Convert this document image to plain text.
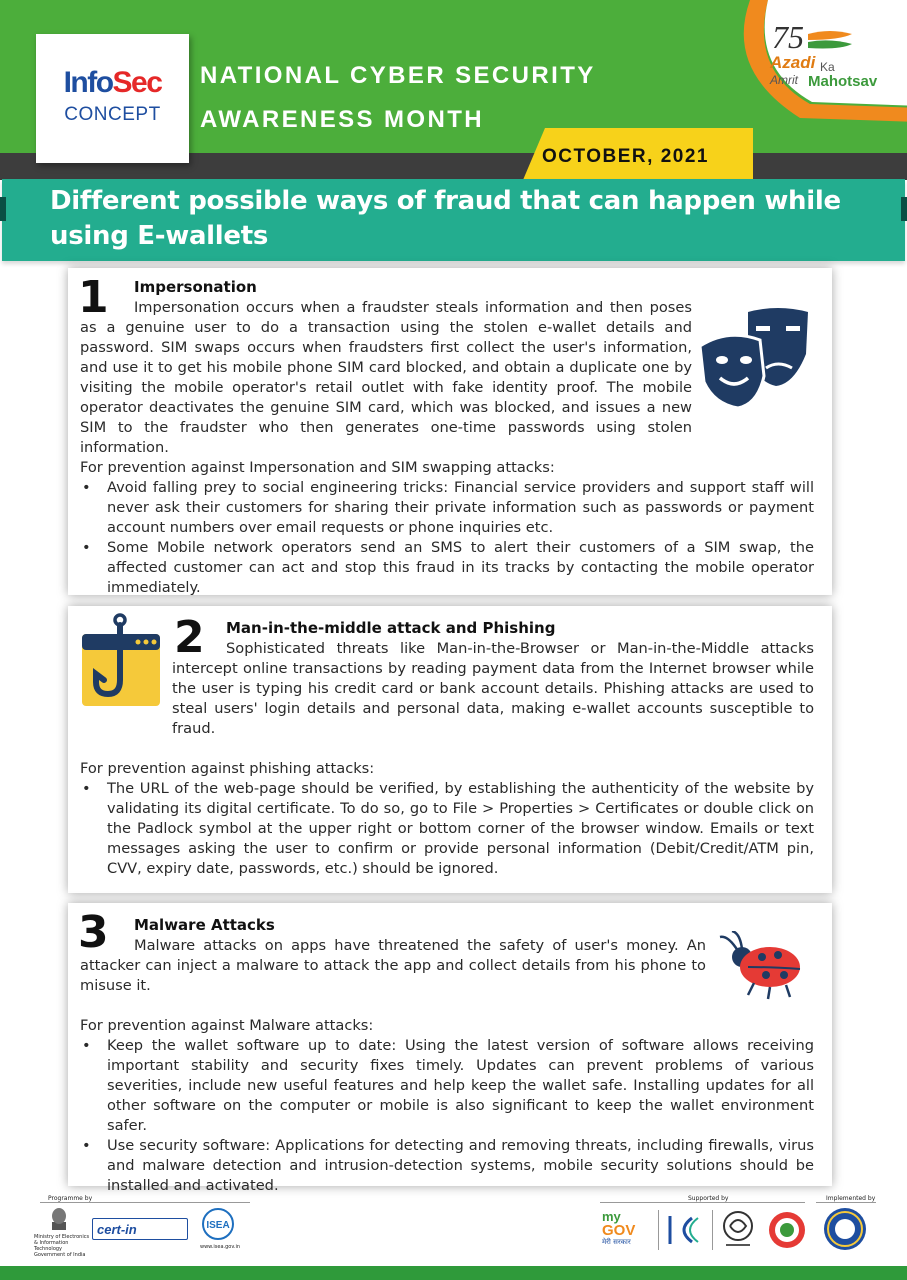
OCTOBER, 2021
NATIONAL CYBER SECURITY
AWARENESS MONTH
InfoSec
CONCEPT
75
Azadi Ka
Amrit Mahotsav
Different possible ways of fraud that can happen while using E-wallets
1 Impersonation
Impersonation occurs when a fraudster steals information and then poses as a genuine user to do a transaction using the stolen e-wallet details and password. SIM swaps occurs when fraudsters first collect the user's information, and use it to get his mobile phone SIM card blocked, and obtain a duplicate one by visiting the mobile operator's retail outlet with fake identity proof. The mobile operator deactivates the genuine SIM card, which was blocked, and issues a new SIM to the fraudster who then generates one-time passwords using stolen information.
For prevention against Impersonation and SIM swapping attacks:
• Avoid falling prey to social engineering tricks: Financial service providers and support staff will never ask their customers for sharing their private information such as passwords or payment account numbers over email requests or phone inquiries etc.
• Some Mobile network operators send an SMS to alert their customers of a SIM swap, the affected customer can act and stop this fraud in its tracks by contacting the mobile operator immediately.
2 Man-in-the-middle attack and Phishing
Sophisticated threats like Man-in-the-Browser or Man-in-the-Middle attacks intercept online transactions by reading payment data from the Internet browser while the user is typing his credit card or bank account details. Phishing attacks are used to steal users' login details and personal data, making e-wallet accounts susceptible to fraud.
For prevention against phishing attacks:
• The URL of the web-page should be verified, by establishing the authenticity of the website by validating its digital certificate. To do so, go to File > Properties > Certificates or double click on the Padlock symbol at the upper right or bottom corner of the browser window. Emails or text messages asking the user to confirm or provide personal information (Debit/Credit/ATM pin, CVV, expiry date, passwords, etc.) should be ignored.
3 Malware Attacks
Malware attacks on apps have threatened the safety of user's money. An attacker can inject a malware to attack the app and collect details from his phone to misuse it.
For prevention against Malware attacks:
• Keep the wallet software up to date: Using the latest version of software allows receiving important stability and security fixes timely. Updates can prevent problems of various severities, include new useful features and help keep the wallet safe. Installing updates for all other software on the computer or mobile is also significant to keep the wallet environment safer.
• Use security software: Applications for detecting and removing threats, including firewalls, virus and malware detection and intrusion-detection systems, mobile security solutions should be installed and activated.
Programme by	Supported by	Implemented by
Ministry of Electronics & Information Technology Government of India
cert-in	ISEA
www.isea.gov.in
my
GOV
मेरी सरकार
